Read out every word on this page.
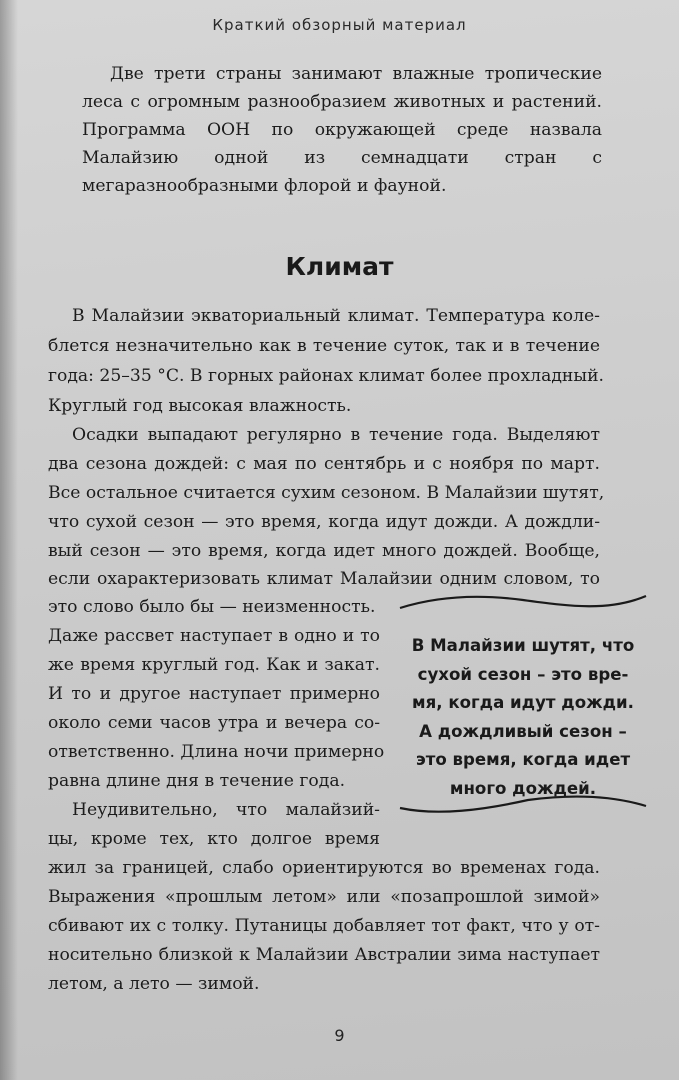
Краткий обзорный материал

Две трети страны занимают влажные тропические леса с огромным разнообразием животных и растений. Программа ООН по окружающей среде назвала Малайзию одной из семнадцати стран с мегаразнообразными флорой и фауной.

Климат
В Малайзии экваториальный климат. Температура коле-
блется незначительно как в течение суток, так и в течение
года: 25–35 °С. В горных районах климат более прохладный.
Круглый год высокая влажность.
Осадки выпадают регулярно в течение года. Выделяют
два сезона дождей: с мая по сентябрь и с ноября по март.
Все остальное считается сухим сезоном. В Малайзии шутят,
что сухой сезон — это время, когда идут дожди. А дождли-
вый сезон — это время, когда идет много дождей. Вообще,
если охарактеризовать климат Малайзии одним словом, то
это слово было бы — неизменность.
Даже рассвет наступает в одно и то
же время круглый год. Как и закат.
И то и другое наступает примерно
около семи часов утра и вечера со-
ответственно. Длина ночи примерно
равна длине дня в течение года.
Неудивительно, что малайзий-
цы, кроме тех, кто долгое время
жил за границей, слабо ориентируются во временах года.
Выражения «прошлым летом» или «позапрошлой зимой»
сбивают их с толку. Путаницы добавляет тот факт, что у от-
носительно близкой к Малайзии Австралии зима наступает
летом, а лето — зимой.
В Малайзии шутят, что
сухой сезон – это вре-
мя, когда идут дожди.
А дождливый сезон –
это время, когда идет
много дождей.
9
